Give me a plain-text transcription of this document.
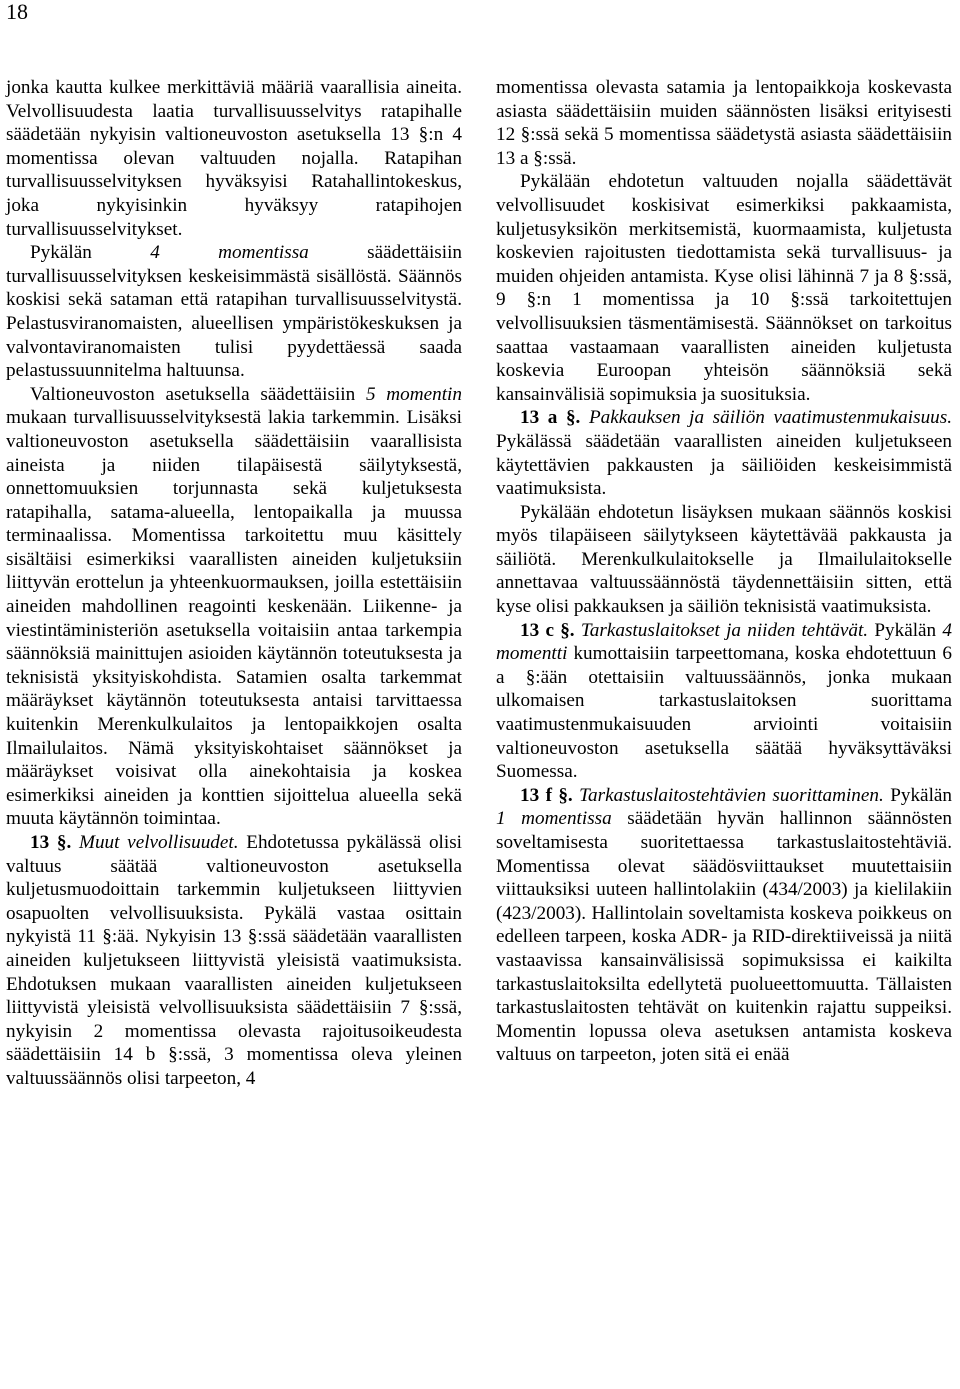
18

jonka kautta kulkee merkittäviä määriä vaarallisia aineita. Velvollisuudesta laatia turvallisuusselvitys ratapihalle säädetään nykyisin valtioneuvoston asetuksella 13 §:n 4 momentissa olevan valtuuden nojalla. Ratapihan turvallisuusselvityksen hyväksyisi Ratahallintokeskus, joka nykyisinkin hyväksyy ratapihojen turvallisuusselvitykset.

Pykälän 4 momentissa säädettäisiin turvallisuusselvityksen keskeisimmästä sisällöstä. Säännös koskisi sekä sataman että ratapihan turvallisuusselvitystä. Pelastusviranomaisten, alueellisen ympäristökeskuksen ja valvontaviranomaisten tulisi pyydettäessä saada pelastussuunnitelma haltuunsa.

Valtioneuvoston asetuksella säädettäisiin 5 momentin mukaan turvallisuusselvityksestä lakia tarkemmin. Lisäksi valtioneuvoston asetuksella säädettäisiin vaarallisista aineista ja niiden tilapäisestä säilytyksestä, onnettomuuksien torjunnasta sekä kuljetuksesta ratapihalla, satama-alueella, lentopaikalla ja muussa terminaalissa. Momentissa tarkoitettu muu käsittely sisältäisi esimerkiksi vaarallisten aineiden kuljetuksiin liittyvän erottelun ja yhteenkuormauksen, joilla estettäisiin aineiden mahdollinen reagointi keskenään. Liikenne- ja viestintäministeriön asetuksella voitaisiin antaa tarkempia säännöksiä mainittujen asioiden käytännön toteutuksesta ja teknisistä yksityiskohdista. Satamien osalta tarkemmat määräykset käytännön toteutuksesta antaisi tarvittaessa kuitenkin Merenkulkulaitos ja lentopaikkojen osalta Ilmailulaitos. Nämä yksityiskohtaiset säännökset ja määräykset voisivat olla ainekohtaisia ja koskea esimerkiksi aineiden ja konttien sijoittelua alueella sekä muuta käytännön toimintaa.

13 §. Muut velvollisuudet. Ehdotetussa pykälässä olisi valtuus säätää valtioneuvoston asetuksella kuljetusmuodoittain tarkemmin kuljetukseen liittyvien osapuolten velvollisuuksista. Pykälä vastaa osittain nykyistä 11 §:ää. Nykyisin 13 §:ssä säädetään vaarallisten aineiden kuljetukseen liittyvistä yleisistä vaatimuksista. Ehdotuksen mukaan vaarallisten aineiden kuljetukseen liittyvistä yleisistä velvollisuuksista säädettäisiin 7 §:ssä, nykyisin 2 momentissa olevasta rajoitusoikeudesta säädettäisiin 14 b §:ssä, 3 momentissa oleva yleinen valtuussäännös olisi tarpeeton, 4

momentissa olevasta satamia ja lentopaikkoja koskevasta asiasta säädettäisiin muiden säännösten lisäksi erityisesti 12 §:ssä sekä 5 momentissa säädetystä asiasta säädettäisiin 13 a §:ssä.

Pykälään ehdotetun valtuuden nojalla säädettävät velvollisuudet koskisivat esimerkiksi pakkaamista, kuljetusyksikön merkitsemistä, kuormaamista, kuljetusta koskevien rajoitusten tiedottamista sekä turvallisuus- ja muiden ohjeiden antamista. Kyse olisi lähinnä 7 ja 8 §:ssä, 9 §:n 1 momentissa ja 10 §:ssä tarkoitettujen velvollisuuksien täsmentämisestä. Säännökset on tarkoitus saattaa vastaamaan vaarallisten aineiden kuljetusta koskevia Euroopan yhteisön säännöksiä sekä kansainvälisiä sopimuksia ja suosituksia.

13 a §. Pakkauksen ja säiliön vaatimustenmukaisuus. Pykälässä säädetään vaarallisten aineiden kuljetukseen käytettävien pakkausten ja säiliöiden keskeisimmistä vaatimuksista.

Pykälään ehdotetun lisäyksen mukaan säännös koskisi myös tilapäiseen säilytykseen käytettävää pakkausta ja säiliötä. Merenkulkulaitokselle ja Ilmailulaitokselle annettavaa valtuussäännöstä täydennettäisiin sitten, että kyse olisi pakkauksen ja säiliön teknisistä vaatimuksista.

13 c §. Tarkastuslaitokset ja niiden tehtävät. Pykälän 4 momentti kumottaisiin tarpeettomana, koska ehdotettuun 6 a §:ään otettaisiin valtuussäännös, jonka mukaan ulkomaisen tarkastuslaitoksen suorittama vaatimustenmukaisuuden arviointi voitaisiin valtioneuvoston asetuksella säätää hyväksyttäväksi Suomessa.

13 f §. Tarkastuslaitostehtävien suorittaminen. Pykälän 1 momentissa säädetään hyvän hallinnon säännösten soveltamisesta suoritettaessa tarkastuslaitostehtäviä. Momentissa olevat säädösviittaukset muutettaisiin viittauksiksi uuteen hallintolakiin (434/2003) ja kielilakiin (423/2003). Hallintolain soveltamista koskeva poikkeus on edelleen tarpeen, koska ADR- ja RID-direktiiveissä ja niitä vastaavissa kansainvälisissä sopimuksissa ei kaikilta tarkastuslaitoksilta edellytetä puolueettomuutta. Tällaisten tarkastuslaitosten tehtävät on kuitenkin rajattu suppeiksi. Momentin lopussa oleva asetuksen antamista koskeva valtuus on tarpeeton, joten sitä ei enää
